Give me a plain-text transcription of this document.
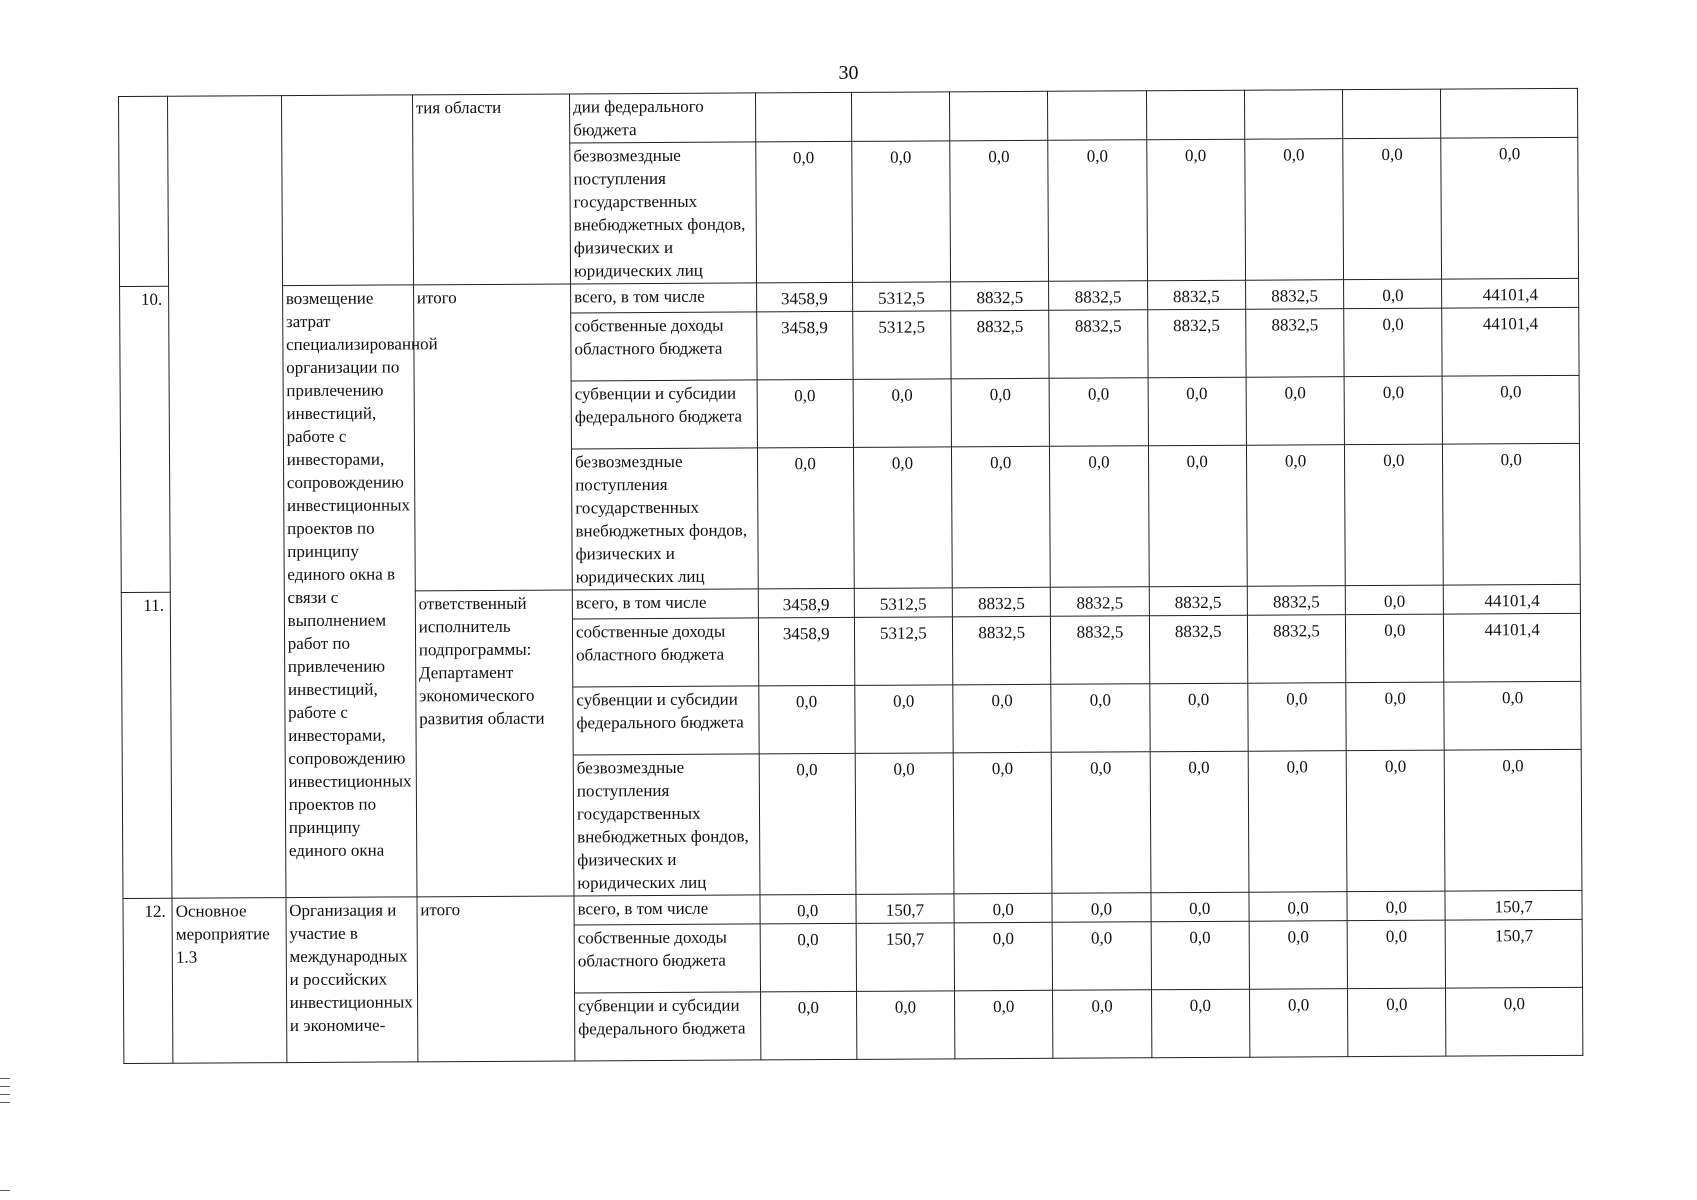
30
			тия области	дии федерального бюджета								
				безвозмездные поступления государственных внебюджетных фондов, физических и юридических лиц	0,0	0,0	0,0	0,0	0,0	0,0	0,0	0,0
10.		возмещение затрат специализированной организации по привлечению инвестиций, работе с инвесторами, сопровождению инвестиционных проектов по принципу единого окна в связи с выполнением работ по привлечению инвестиций, работе с инвесторами, сопровождению инвестиционных проектов по принципу единого окна	итого	всего, в том числе	3458,9	5312,5	8832,5	8832,5	8832,5	8832,5	0,0	44101,4
				собственные доходы областного бюджета	3458,9	5312,5	8832,5	8832,5	8832,5	8832,5	0,0	44101,4
				субвенции и субсидии федерального бюджета	0,0	0,0	0,0	0,0	0,0	0,0	0,0	0,0
				безвозмездные поступления государственных внебюджетных фондов, физических и юридических лиц	0,0	0,0	0,0	0,0	0,0	0,0	0,0	0,0
11.			ответственный исполнитель подпрограммы: Департамент экономического развития области	всего, в том числе	3458,9	5312,5	8832,5	8832,5	8832,5	8832,5	0,0	44101,4
				собственные доходы областного бюджета	3458,9	5312,5	8832,5	8832,5	8832,5	8832,5	0,0	44101,4
				субвенции и субсидии федерального бюджета	0,0	0,0	0,0	0,0	0,0	0,0	0,0	0,0
				безвозмездные поступления государственных внебюджетных фондов, физических и юридических лиц	0,0	0,0	0,0	0,0	0,0	0,0	0,0	0,0
12.	Основное мероприятие 1.3	Организация и участие в международных и российских инвестиционных и экономиче-	итого	всего, в том числе	0,0	150,7	0,0	0,0	0,0	0,0	0,0	150,7
				собственные доходы областного бюджета	0,0	150,7	0,0	0,0	0,0	0,0	0,0	150,7
				субвенции и субсидии федерального бюджета	0,0	0,0	0,0	0,0	0,0	0,0	0,0	0,0
